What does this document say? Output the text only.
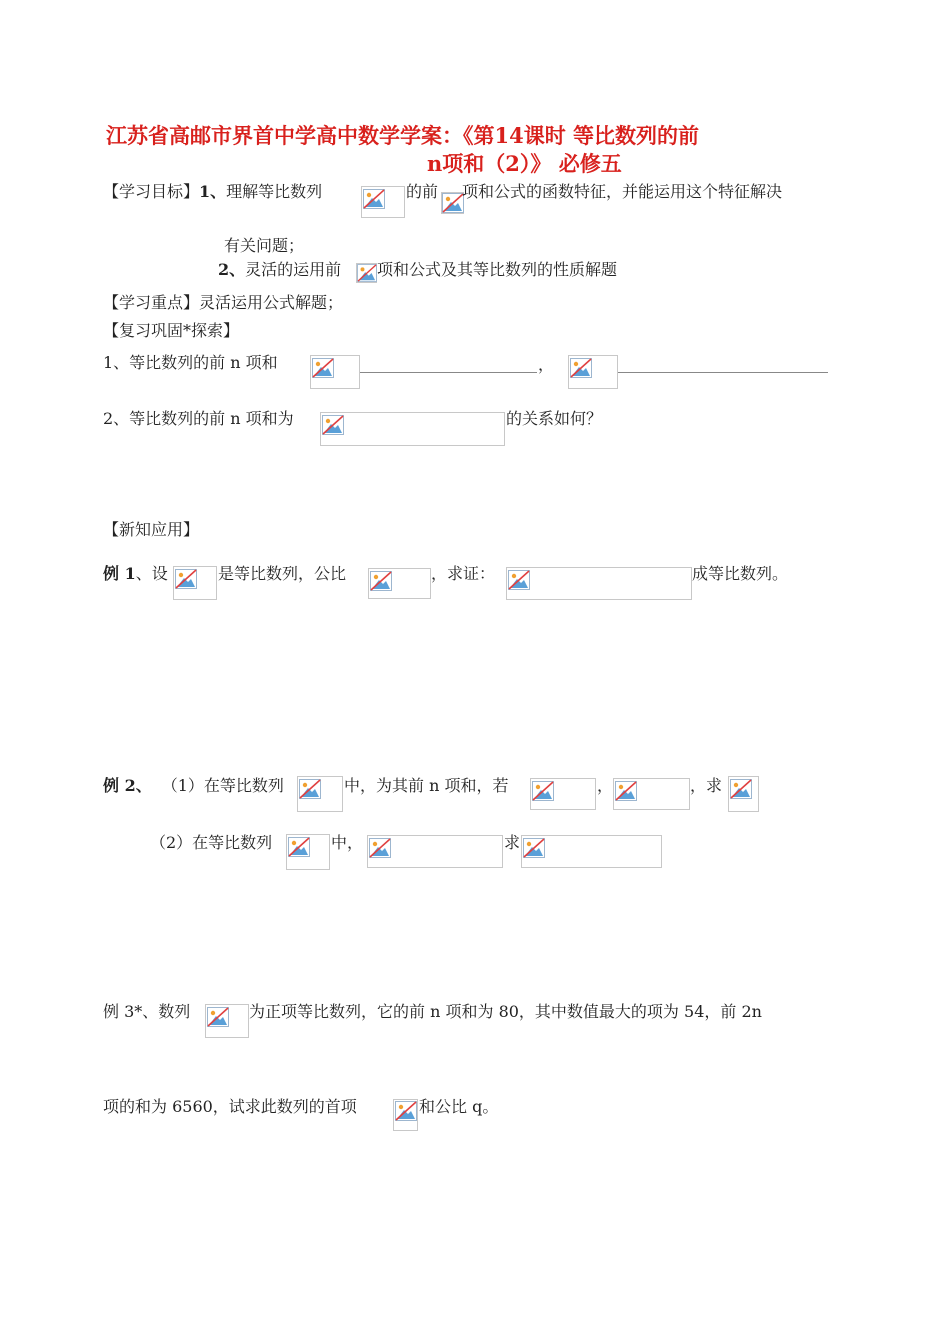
江苏省高邮市界首中学高中数学学案：《第14课时 等比数列的前
n项和（2）》 必修五
【学习目标】1、理解等比数列	的前 项和公式的函数特征，并能运用这个特征解决
有关问题；
2、灵活的运用前 项和公式及其等比数列的性质解题
【学习重点】灵活运用公式解题；
【复习巩固*探索】
1、等比数列的前 n 项和	，
2、等比数列的前 n 项和为	的关系如何？
【新知应用】
例 1、设	是等比数列，公比	，求证：	成等比数列。
例 2、 （1）在等比数列	中，为其前 n 项和，若	，	，求
（2）在等比数列	中，	求
例 3*、数列	为正项等比数列，它的前 n 项和为 80，其中数值最大的项为 54，前 2n
项的和为 6560，试求此数列的首项	和公比 q。
